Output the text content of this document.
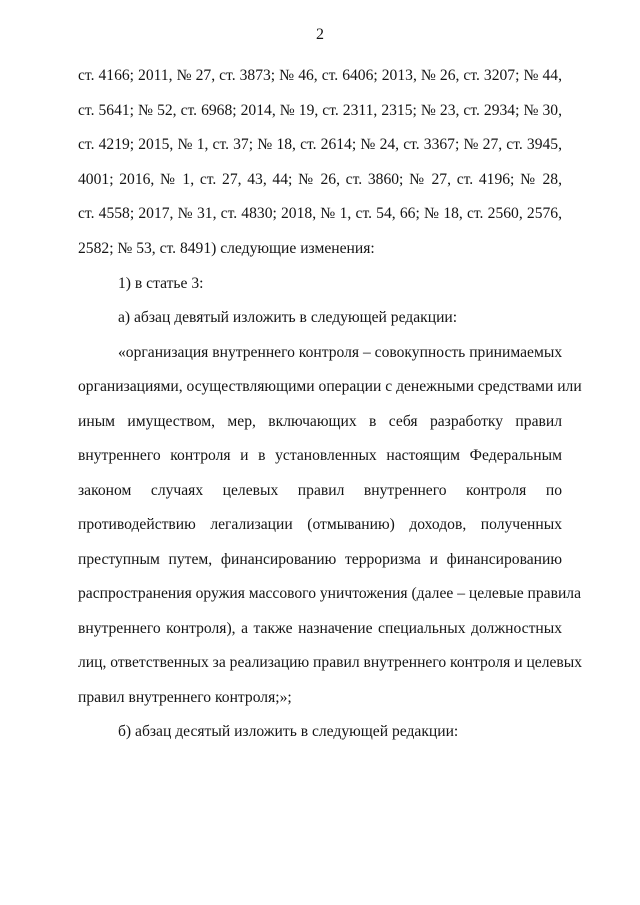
2
ст. 4166; 2011, № 27, ст. 3873; № 46, ст. 6406; 2013, № 26, ст. 3207; № 44,
ст. 5641; № 52, ст. 6968; 2014, № 19, ст. 2311, 2315; № 23, ст. 2934; № 30,
ст. 4219; 2015, № 1, ст. 37; № 18, ст. 2614; № 24, ст. 3367; № 27, ст. 3945,
4001; 2016, № 1, ст. 27, 43, 44; № 26, ст. 3860; № 27, ст. 4196; № 28,
ст. 4558; 2017, № 31, ст. 4830; 2018, № 1, ст. 54, 66; № 18, ст. 2560, 2576,
2582; № 53, ст. 8491) следующие изменения:
1) в статье 3:
а) абзац девятый изложить в следующей редакции:
«организация внутреннего контроля – совокупность принимаемых
организациями, осуществляющими операции с денежными средствами или
иным имуществом, мер, включающих в себя разработку правил
внутреннего контроля и в установленных настоящим Федеральным
законом случаях целевых правил внутреннего контроля по
противодействию легализации (отмыванию) доходов, полученных
преступным путем, финансированию терроризма и финансированию
распространения оружия массового уничтожения (далее – целевые правила
внутреннего контроля), а также назначение специальных должностных
лиц, ответственных за реализацию правил внутреннего контроля и целевых
правил внутреннего контроля;»;
б) абзац десятый изложить в следующей редакции:
